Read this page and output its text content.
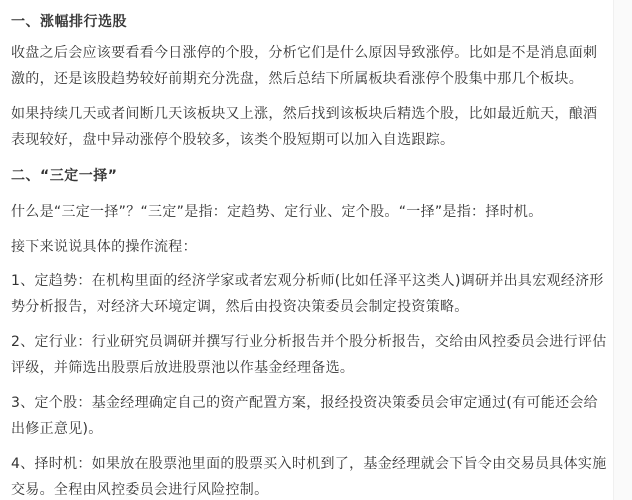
一、涨幅排行选股

收盘之后会应该要看看今日涨停的个股，分析它们是什么原因导致涨停。比如是不是消息面刺激的，还是该股趋势较好前期充分洗盘，然后总结下所属板块看涨停个股集中那几个板块。

如果持续几天或者间断几天该板块又上涨，然后找到该板块后精选个股，比如最近航天，酿酒表现较好，盘中异动涨停个股较多，该类个股短期可以加入自选跟踪。

二、“三定一择”

什么是“三定一择”？“三定”是指：定趋势、定行业、定个股。“一择”是指：择时机。

接下来说说具体的操作流程：

1、定趋势：在机构里面的经济学家或者宏观分析师(比如任泽平这类人)调研并出具宏观经济形势分析报告，对经济大环境定调，然后由投资决策委员会制定投资策略。

2、定行业：行业研究员调研并撰写行业分析报告并个股分析报告，交给由风控委员会进行评估评级，并筛选出股票后放进股票池以作基金经理备选。

3、定个股：基金经理确定自己的资产配置方案，报经投资决策委员会审定通过(有可能还会给出修正意见)。

4、择时机：如果放在股票池里面的股票买入时机到了，基金经理就会下旨令由交易员具体实施交易。全程由风控委员会进行风险控制。
